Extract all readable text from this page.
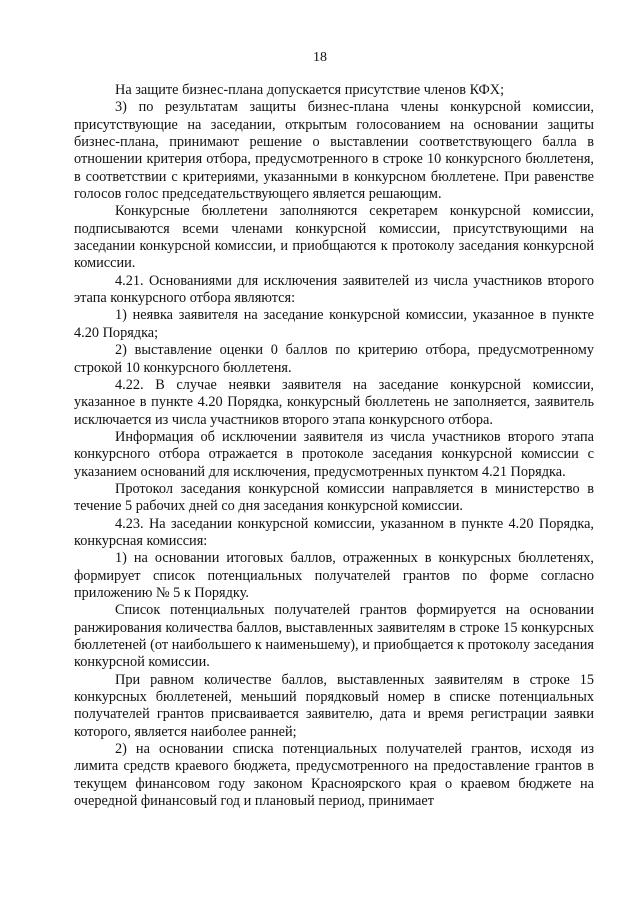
18

На защите бизнес-плана допускается присутствие членов КФХ;

3) по результатам защиты бизнес-плана члены конкурсной комиссии, присутствующие на заседании, открытым голосованием на основании защиты бизнес-плана, принимают решение о выставлении соответствующего балла в отношении критерия отбора, предусмотренного в строке 10 конкурсного бюллетеня, в соответствии с критериями, указанными в конкурсном бюллетене. При равенстве голосов голос председательствующего является решающим.

Конкурсные бюллетени заполняются секретарем конкурсной комиссии, подписываются всеми членами конкурсной комиссии, присутствующими на заседании конкурсной комиссии, и приобщаются к протоколу заседания конкурсной комиссии.

4.21. Основаниями для исключения заявителей из числа участников второго этапа конкурсного отбора являются:

1) неявка заявителя на заседание конкурсной комиссии, указанное в пункте 4.20 Порядка;

2) выставление оценки 0 баллов по критерию отбора, предусмотренному строкой 10 конкурсного бюллетеня.

4.22. В случае неявки заявителя на заседание конкурсной комиссии, указанное в пункте 4.20 Порядка, конкурсный бюллетень не заполняется, заявитель исключается из числа участников второго этапа конкурсного отбора.

Информация об исключении заявителя из числа участников второго этапа конкурсного отбора отражается в протоколе заседания конкурсной комиссии с указанием оснований для исключения, предусмотренных пунктом 4.21 Порядка.

Протокол заседания конкурсной комиссии направляется в министерство в течение 5 рабочих дней со дня заседания конкурсной комиссии.

4.23. На заседании конкурсной комиссии, указанном в пункте 4.20 Порядка, конкурсная комиссия:

1) на основании итоговых баллов, отраженных в конкурсных бюллетенях, формирует список потенциальных получателей грантов по форме согласно приложению № 5 к Порядку.

Список потенциальных получателей грантов формируется на основании ранжирования количества баллов, выставленных заявителям в строке 15 конкурсных бюллетеней (от наибольшего к наименьшему), и приобщается к протоколу заседания конкурсной комиссии.

При равном количестве баллов, выставленных заявителям в строке 15 конкурсных бюллетеней, меньший порядковый номер в списке потенциальных получателей грантов присваивается заявителю, дата и время регистрации заявки которого, является наиболее ранней;

2) на основании списка потенциальных получателей грантов, исходя из лимита средств краевого бюджета, предусмотренного на предоставление грантов в текущем финансовом году законом Красноярского края о краевом бюджете на очередной финансовый год и плановый период, принимает
